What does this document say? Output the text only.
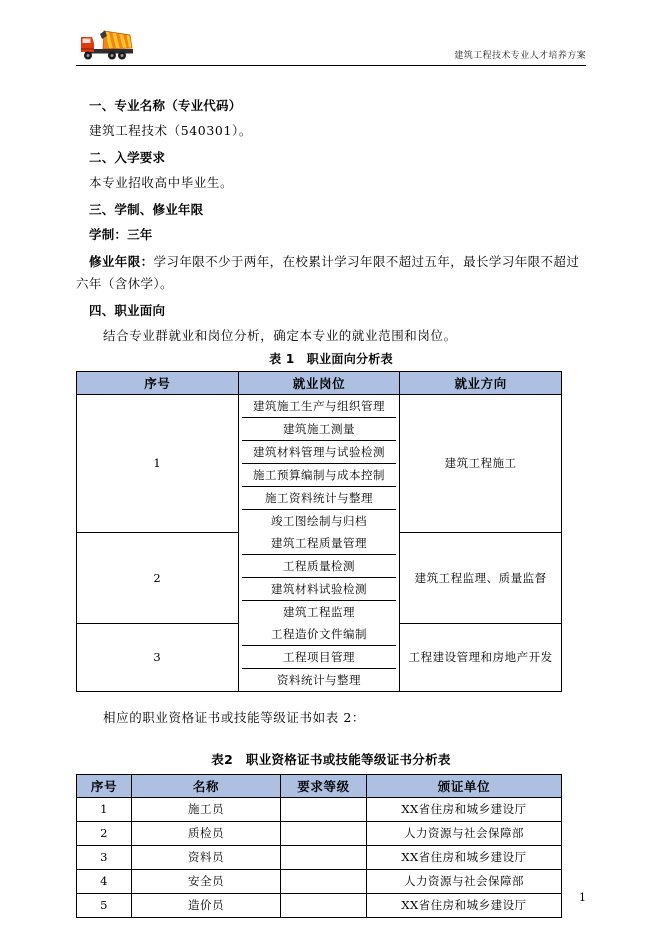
建筑工程技术专业人才培养方案
一、专业名称（专业代码）

建筑工程技术（540301）。

二、入学要求

本专业招收高中毕业生。

三、学制、修业年限
学制：三年

修业年限：学习年限不少于两年，在校累计学习年限不超过五年，最长学习年限不超过
六年（含休学）。

四、职业面向

结合专业群就业和岗位分析，确定本专业的就业范围和岗位。

表 1　职业面向分析表
序号	就业岗位	就业方向
1	建筑施工生产与组织管理	建筑工程施工

	建筑施工测量	

	建筑材料管理与试验检测	

	施工预算编制与成本控制	

	施工资料统计与整理	

	竣工图绘制与归档	

2	建筑工程质量管理	建筑工程监理、质量监督

	工程质量检测	

	建筑材料试验检测	

	建筑工程监理	

3	工程造价文件编制	工程建设管理和房地产开发

	工程项目管理	

	资料统计与整理	

相应的职业资格证书或技能等级证书如表 2：

表2　职业资格证书或技能等级证书分析表
序号	名称	要求等级	颁证单位
1	施工员		XX省住房和城乡建设厅
2	质检员		人力资源与社会保障部
3	资料员		XX省住房和城乡建设厅
4	安全员		人力资源与社会保障部
5	造价员		XX省住房和城乡建设厅
1
